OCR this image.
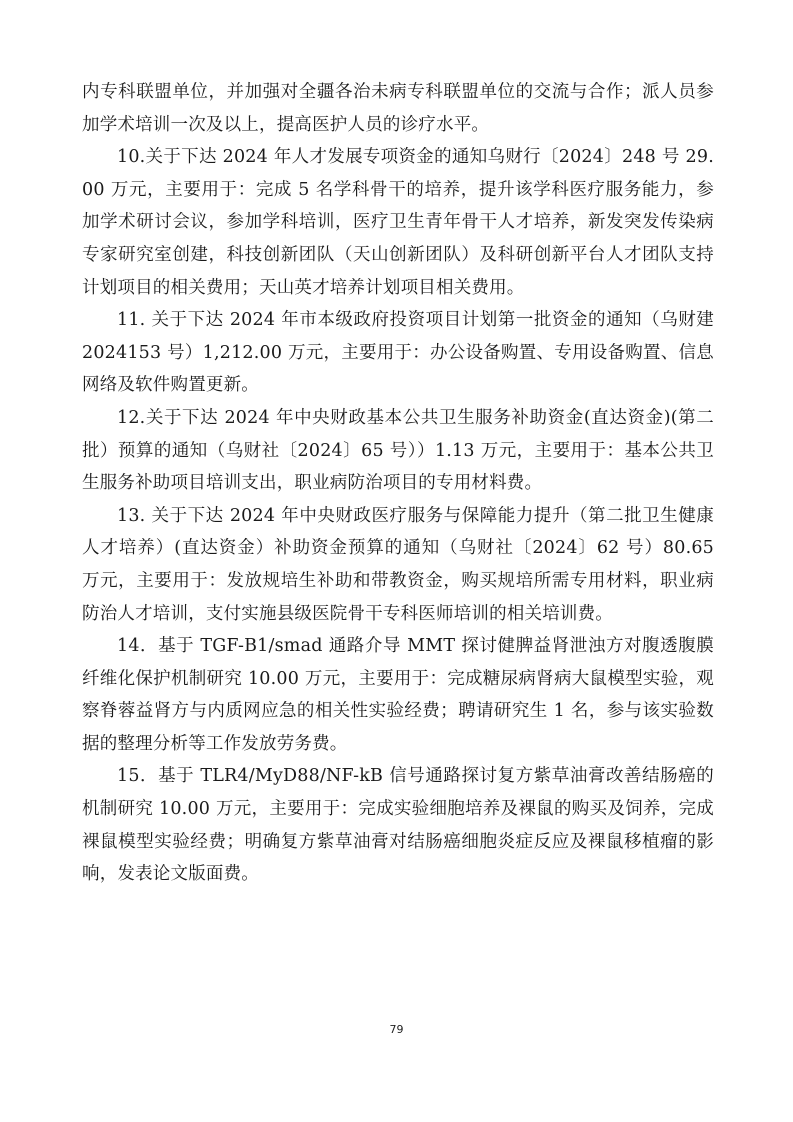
内专科联盟单位，并加强对全疆各治未病专科联盟单位的交流与合作；派人员参加学术培训一次及以上，提高医护人员的诊疗水平。

10.关于下达 2024 年人才发展专项资金的通知乌财行〔2024〕248 号 29.00 万元，主要用于：完成 5 名学科骨干的培养，提升该学科医疗服务能力，参加学术研讨会议，参加学科培训，医疗卫生青年骨干人才培养，新发突发传染病专家研究室创建，科技创新团队（天山创新团队）及科研创新平台人才团队支持计划项目的相关费用；天山英才培养计划项目相关费用。

11. 关于下达 2024 年市本级政府投资项目计划第一批资金的通知（乌财建 2024153 号）1,212.00 万元，主要用于：办公设备购置、专用设备购置、信息网络及软件购置更新。

12.关于下达 2024 年中央财政基本公共卫生服务补助资金(直达资金)(第二批）预算的通知（乌财社〔2024〕65 号））1.13 万元，主要用于：基本公共卫生服务补助项目培训支出，职业病防治项目的专用材料费。

13. 关于下达 2024 年中央财政医疗服务与保障能力提升（第二批卫生健康人才培养）(直达资金）补助资金预算的通知（乌财社〔2024〕62 号）80.65 万元，主要用于：发放规培生补助和带教资金，购买规培所需专用材料，职业病防治人才培训，支付实施县级医院骨干专科医师培训的相关培训费。

14．基于 TGF-B1/smad 通路介导 MMT 探讨健脾益肾泄浊方对腹透腹膜纤维化保护机制研究 10.00 万元，主要用于：完成糖尿病肾病大鼠模型实验，观察脊蓉益肾方与内质网应急的相关性实验经费；聘请研究生 1 名，参与该实验数据的整理分析等工作发放劳务费。

15．基于 TLR4/MyD88/NF-kB 信号通路探讨复方紫草油膏改善结肠癌的机制研究 10.00 万元，主要用于：完成实验细胞培养及裸鼠的购买及饲养，完成裸鼠模型实验经费；明确复方紫草油膏对结肠癌细胞炎症反应及裸鼠移植瘤的影响，发表论文版面费。

79
